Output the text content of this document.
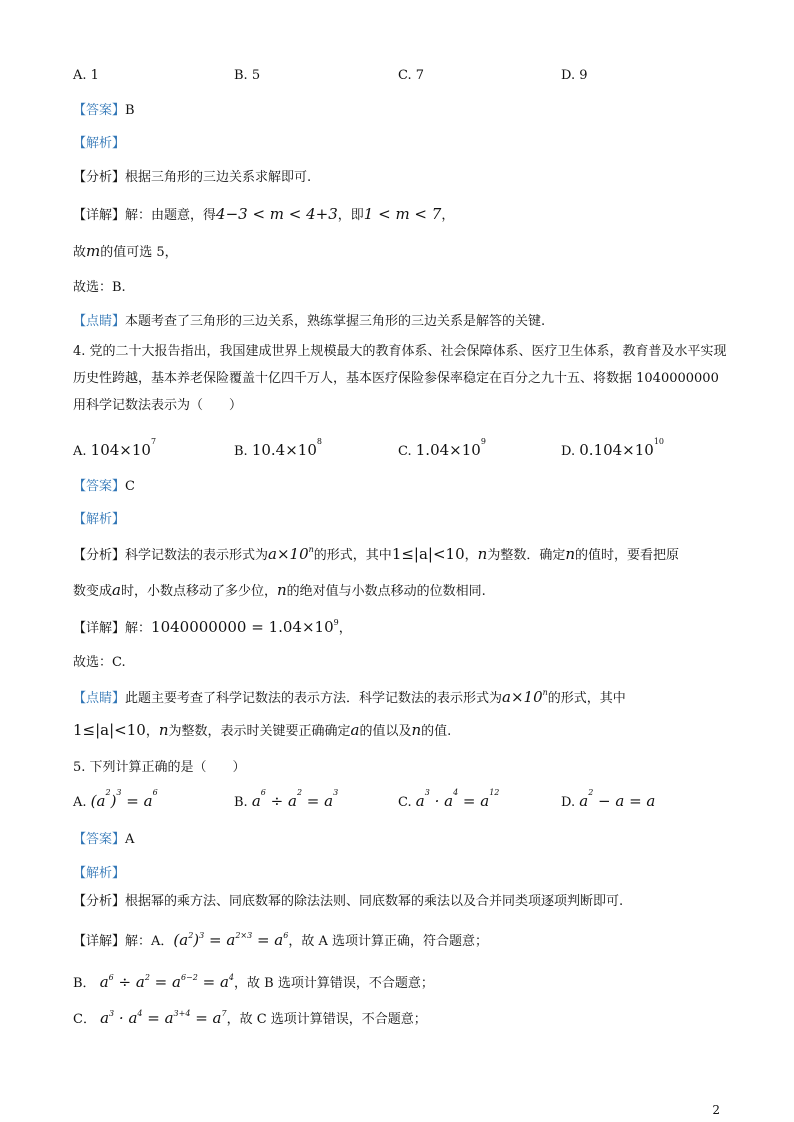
A. 1	B. 5	C. 7	D. 9
【答案】B
【解析】
【分析】根据三角形的三边关系求解即可.
【详解】解：由题意，得4−3 < m < 4+3，即1 < m < 7，
故m的值可选 5，
故选：B.
【点睛】本题考查了三角形的三边关系，熟练掌握三角形的三边关系是解答的关键.
4. 党的二十大报告指出，我国建成世界上规模最大的教育体系、社会保障体系、医疗卫生体系，教育普及水平实现历史性跨越，基本养老保险覆盖十亿四千万人，基本医疗保险参保率稳定在百分之九十五、将数据 1040000000 用科学记数法表示为（　　）
A. $104\times 10^7$
B. $10.4\times 10^8$
C. $1.04\times 10^9$
D. $0.104\times 10^{10}$
【答案】C
【解析】
【分析】科学记数法的表示形式为$a\times 10^n$的形式，其中1≤|a|<10，n为整数．确定n的值时，要看把原
数变成a时，小数点移动了多少位，n的绝对值与小数点移动的位数相同.
【详解】解：$1040000000 = 1.04\times 10^9$，
故选：C.
【点睛】此题主要考查了科学记数法的表示方法．科学记数法的表示形式为$a\times 10^n$的形式，其中
1≤|a|<10，n为整数，表示时关键要正确确定a的值以及n的值.
5. 下列计算正确的是（　　）
A. $(a^2)^3 = a^6$
B. $a^6 \div a^2 = a^3$
C. $a^3 \cdot a^4 = a^{12}$
D. $a^2 - a = a$
【答案】A
【解析】
【分析】根据幂的乘方法、同底数幂的除法法则、同底数幂的乘法以及合并同类项逐项判断即可.
【详解】解：A．$(a^2)^3 = a^{2\times 3} = a^6$，故 A 选项计算正确，符合题意；
B． $a^6 \div a^2 = a^{6-2} = a^4$，故 B 选项计算错误，不合题意；
C． $a^3 \cdot a^4 = a^{3+4} = a^7$，故 C 选项计算错误，不合题意；
2
